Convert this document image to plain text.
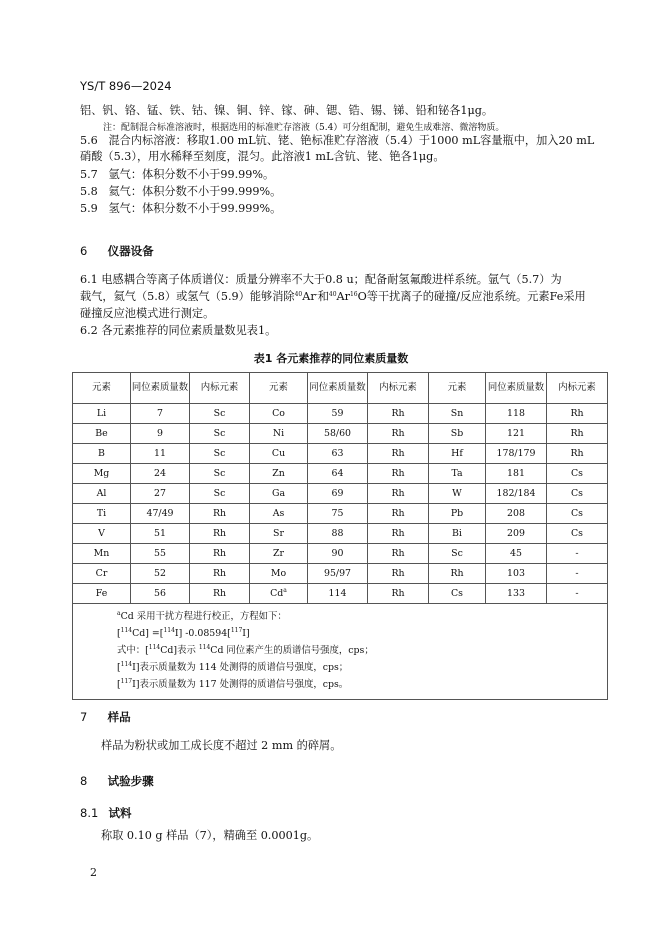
YS/T 896—2024
铝、钒、铬、锰、铁、钴、镍、铜、锌、镓、砷、锶、锆、锡、锑、铅和铋各1μg。
注：配制混合标准溶液时，根据选用的标准贮存溶液（5.4）可分组配制，避免生成难溶、微溶物质。
5.6 混合内标溶液：移取1.00 mL钪、铑、铯标准贮存溶液（5.4）于1000 mL容量瓶中，加入20 mL
硝酸（5.3），用水稀释至刻度，混匀。此溶液1 mL含钪、铑、铯各1μg。
5.7 氩气：体积分数不小于99.99%。
5.8 氦气：体积分数不小于99.999%。
5.9 氢气：体积分数不小于99.999%。
6 仪器设备
6.1 电感耦合等离子体质谱仪：质量分辨率不大于0.8 u；配备耐氢氟酸进样系统。氩气（5.7）为
载气，氦气（5.8）或氢气（5.9）能够消除$^{40}$Ar-和$^{40}$Ar$^{16}$O等干扰离子的碰撞/反应池系统。元素Fe采用
碰撞反应池模式进行测定。
6.2 各元素推荐的同位素质量数见表1。
表1 各元素推荐的同位素质量数
元素	同位素质量数	内标元素	元素	同位素质量数	内标元素	元素	同位素质量数	内标元素
Li	7	Sc	Co	59	Rh	Sn	118	Rh
Be	9	Sc	Ni	58/60	Rh	Sb	121	Rh
B	11	Sc	Cu	63	Rh	Hf	178/179	Rh
Mg	24	Sc	Zn	64	Rh	Ta	181	Cs
Al	27	Sc	Ga	69	Rh	W	182/184	Cs
Ti	47/49	Rh	As	75	Rh	Pb	208	Cs
V	51	Rh	Sr	88	Rh	Bi	209	Cs
Mn	55	Rh	Zr	90	Rh	Sc	45	-
Cr	52	Rh	Mo	95/97	Rh	Rh	103	-
Fe	56	Rh	Cd$^a$	114	Rh	Cs	133	-

$^a$Cd 采用干扰方程进行校正，方程如下：
[$^{114}$Cd] =[$^{114}$I] -0.08594[$^{117}$I]
式中：[$^{114}$Cd]表示 $^{114}$Cd 同位素产生的质谱信号强度，cps；
[$^{114}$I]表示质量数为 114 处测得的质谱信号强度，cps；
[$^{117}$I]表示质量数为 117 处测得的质谱信号强度，cps。								
7 样品
样品为粉状或加工成长度不超过 2 mm 的碎屑。
8 试验步骤
8.1 试料
称取 0.10 g 样品（7），精确至 0.0001g。
2
